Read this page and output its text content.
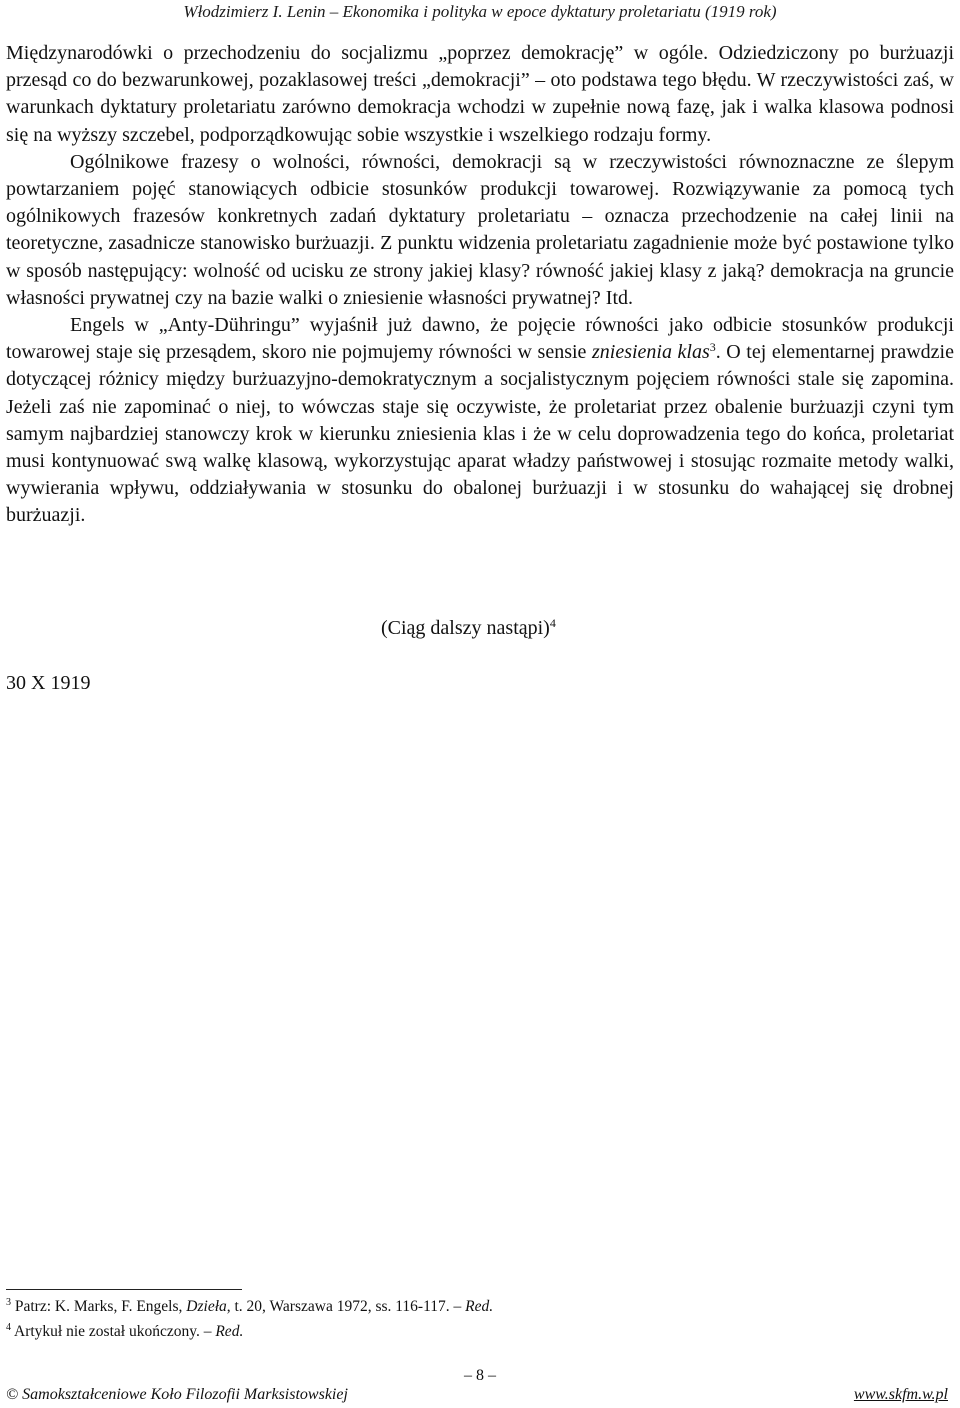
Włodzimierz I. Lenin – Ekonomika i polityka w epoce dyktatury proletariatu (1919 rok)

Międzynarodówki o przechodzeniu do socjalizmu „poprzez demokrację” w ogóle. Odziedziczony po burżuazji przesąd co do bezwarunkowej, pozaklasowej treści „demokracji” – oto podstawa tego błędu. W rzeczywistości zaś, w warunkach dyktatury proletariatu zarówno demokracja wchodzi w zupełnie nową fazę, jak i walka klasowa podnosi się na wyższy szczebel, podporządkowując sobie wszystkie i wszelkiego rodzaju formy.

Ogólnikowe frazesy o wolności, równości, demokracji są w rzeczywistości równoznaczne ze ślepym powtarzaniem pojęć stanowiących odbicie stosunków produkcji towarowej. Rozwiązywanie za pomocą tych ogólnikowych frazesów konkretnych zadań dyktatury proletariatu – oznacza przechodzenie na całej linii na teoretyczne, zasadnicze stanowisko burżuazji. Z punktu widzenia proletariatu zagadnienie może być postawione tylko w sposób następujący: wolność od ucisku ze strony jakiej klasy? równość jakiej klasy z jaką? demokracja na gruncie własności prywatnej czy na bazie walki o zniesienie własności prywatnej? Itd.

Engels w „Anty-Dühringu” wyjaśnił już dawno, że pojęcie równości jako odbicie stosunków produkcji towarowej staje się przesądem, skoro nie pojmujemy równości w sensie zniesienia klas$^3$. O tej elementarnej prawdzie dotyczącej różnicy między burżuazyjno-demokratycznym a socjalistycznym pojęciem równości stale się zapomina. Jeżeli zaś nie zapominać o niej, to wówczas staje się oczywiste, że proletariat przez obalenie burżuazji czyni tym samym najbardziej stanowczy krok w kierunku zniesienia klas i że w celu doprowadzenia tego do końca, proletariat musi kontynuować swą walkę klasową, wykorzystując aparat władzy państwowej i stosując rozmaite metody walki, wywierania wpływu, oddziaływania w stosunku do obalonej burżuazji i w stosunku do wahającej się drobnej burżuazji.

(Ciąg dalszy nastąpi)$^4$
30 X 1919
$^3$ Patrz: K. Marks, F. Engels, Dzieła, t. 20, Warszawa 1972, ss. 116-117. – Red.
$^4$ Artykuł nie został ukończony. – Red.
– 8 –
© Samokształceniowe Koło Filozofii Marksistowskiej	www.skfm.w.pl
